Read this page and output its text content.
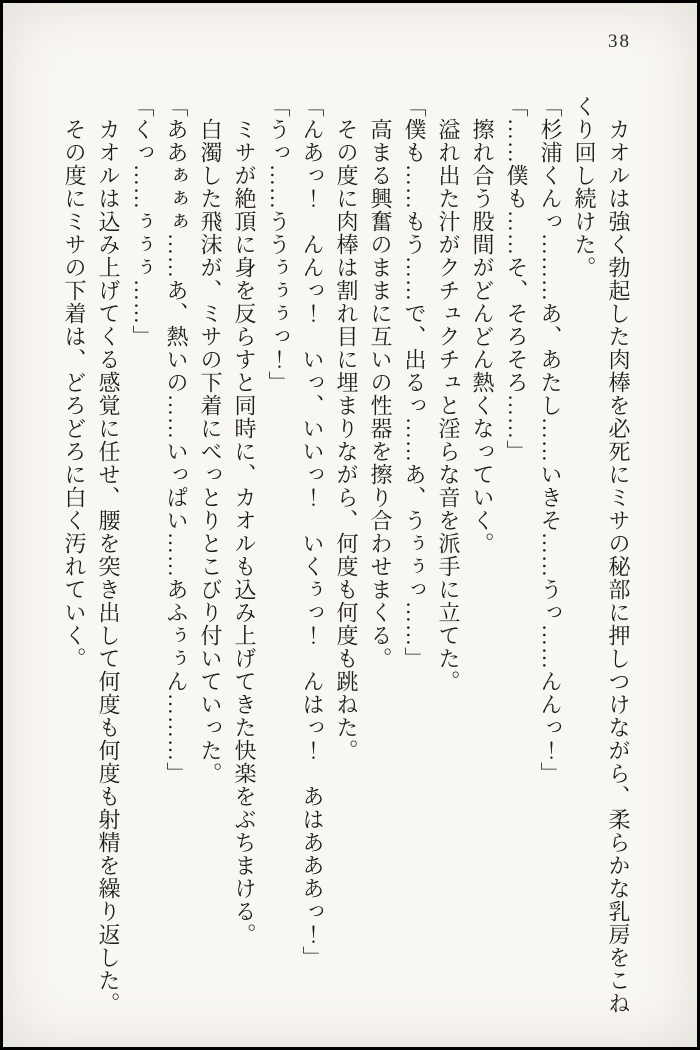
38

カオルは強く勃起した肉棒を必死にミサの秘部に押しつけながら、柔らかな乳房をこね

くり回し続けた。

「杉浦くんっ………あ、あたし……いきそ……うっ……んんっ！」

「……僕も……そ、そろそろ……」

擦れ合う股間がどんどん熱くなっていく。

溢れ出た汁がクチュクチュと淫らな音を派手に立てた。

「僕も……もう……で、出るっ……あ、うぅぅっ……」

高まる興奮のままに互いの性器を擦り合わせまくる。

その度に肉棒は割れ目に埋まりながら、何度も何度も跳ねた。

「んあっ！　んんっ！　いっ、いいっ！　いくぅっ！　んはっ！　あはあああっ！」

「うっ……ううぅぅぅっ！」

ミサが絶頂に身を反らすと同時に、カオルも込み上げてきた快楽をぶちまける。

白濁した飛沫が、ミサの下着にべっとりとこびり付いていった。

「ああぁぁぁ……あ、熱いの……いっぱい……あふぅぅん………」

「くっ……ぅぅぅ……」

カオルは込み上げてくる感覚に任せ、腰を突き出して何度も何度も射精を繰り返した。

その度にミサの下着は、どろどろに白く汚れていく。
